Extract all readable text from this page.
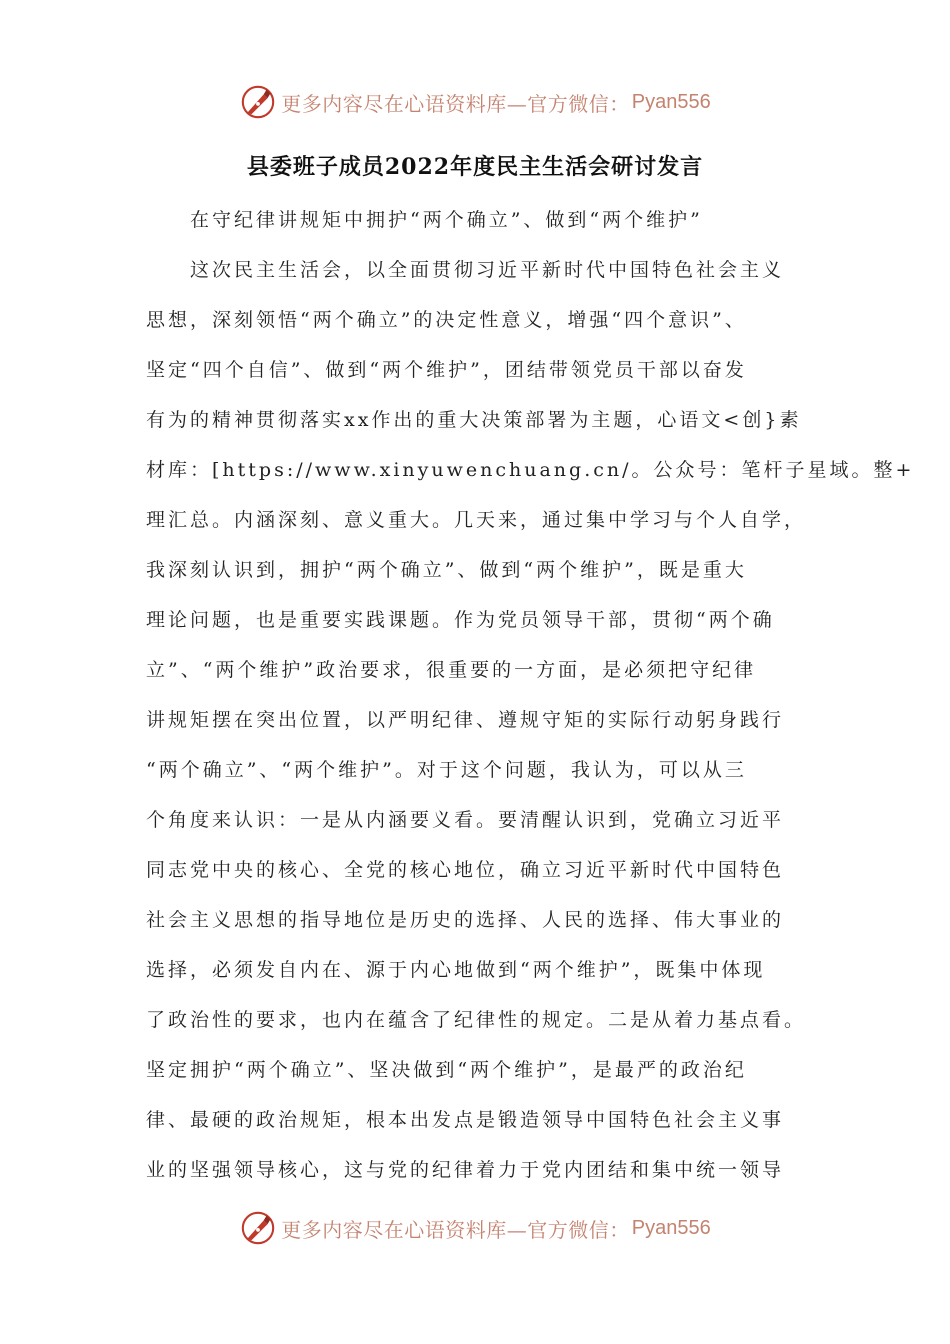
更多内容尽在心语资料库—官方微信： Pyan556
县委班子成员2022年度民主生活会研讨发言
在守纪律讲规矩中拥护“两个确立”、做到“两个维护”
这次民主生活会，以全面贯彻习近平新时代中国特色社会主义
思想，深刻领悟“两个确立”的决定性意义，增强“四个意识”、
坚定“四个自信”、做到“两个维护”，团结带领党员干部以奋发
有为的精神贯彻落实xx作出的重大决策部署为主题，心语文<创}素
材库：[https://www.xinyuwenchuang.cn/。公众号：笔杆子星域。整+
理汇总。内涵深刻、意义重大。几天来，通过集中学习与个人自学，
我深刻认识到，拥护“两个确立”、做到“两个维护”，既是重大
理论问题，也是重要实践课题。作为党员领导干部，贯彻“两个确
立”、“两个维护”政治要求，很重要的一方面，是必须把守纪律
讲规矩摆在突出位置，以严明纪律、遵规守矩的实际行动躬身践行
“两个确立”、“两个维护”。对于这个问题，我认为，可以从三
个角度来认识：一是从内涵要义看。要清醒认识到，党确立习近平
同志党中央的核心、全党的核心地位，确立习近平新时代中国特色
社会主义思想的指导地位是历史的选择、人民的选择、伟大事业的
选择，必须发自内在、源于内心地做到“两个维护”，既集中体现
了政治性的要求，也内在蕴含了纪律性的规定。二是从着力基点看。
坚定拥护“两个确立”、坚决做到“两个维护”，是最严的政治纪
律、最硬的政治规矩，根本出发点是锻造领导中国特色社会主义事
业的坚强领导核心，这与党的纪律着力于党内团结和集中统一领导
更多内容尽在心语资料库—官方微信： Pyan556
